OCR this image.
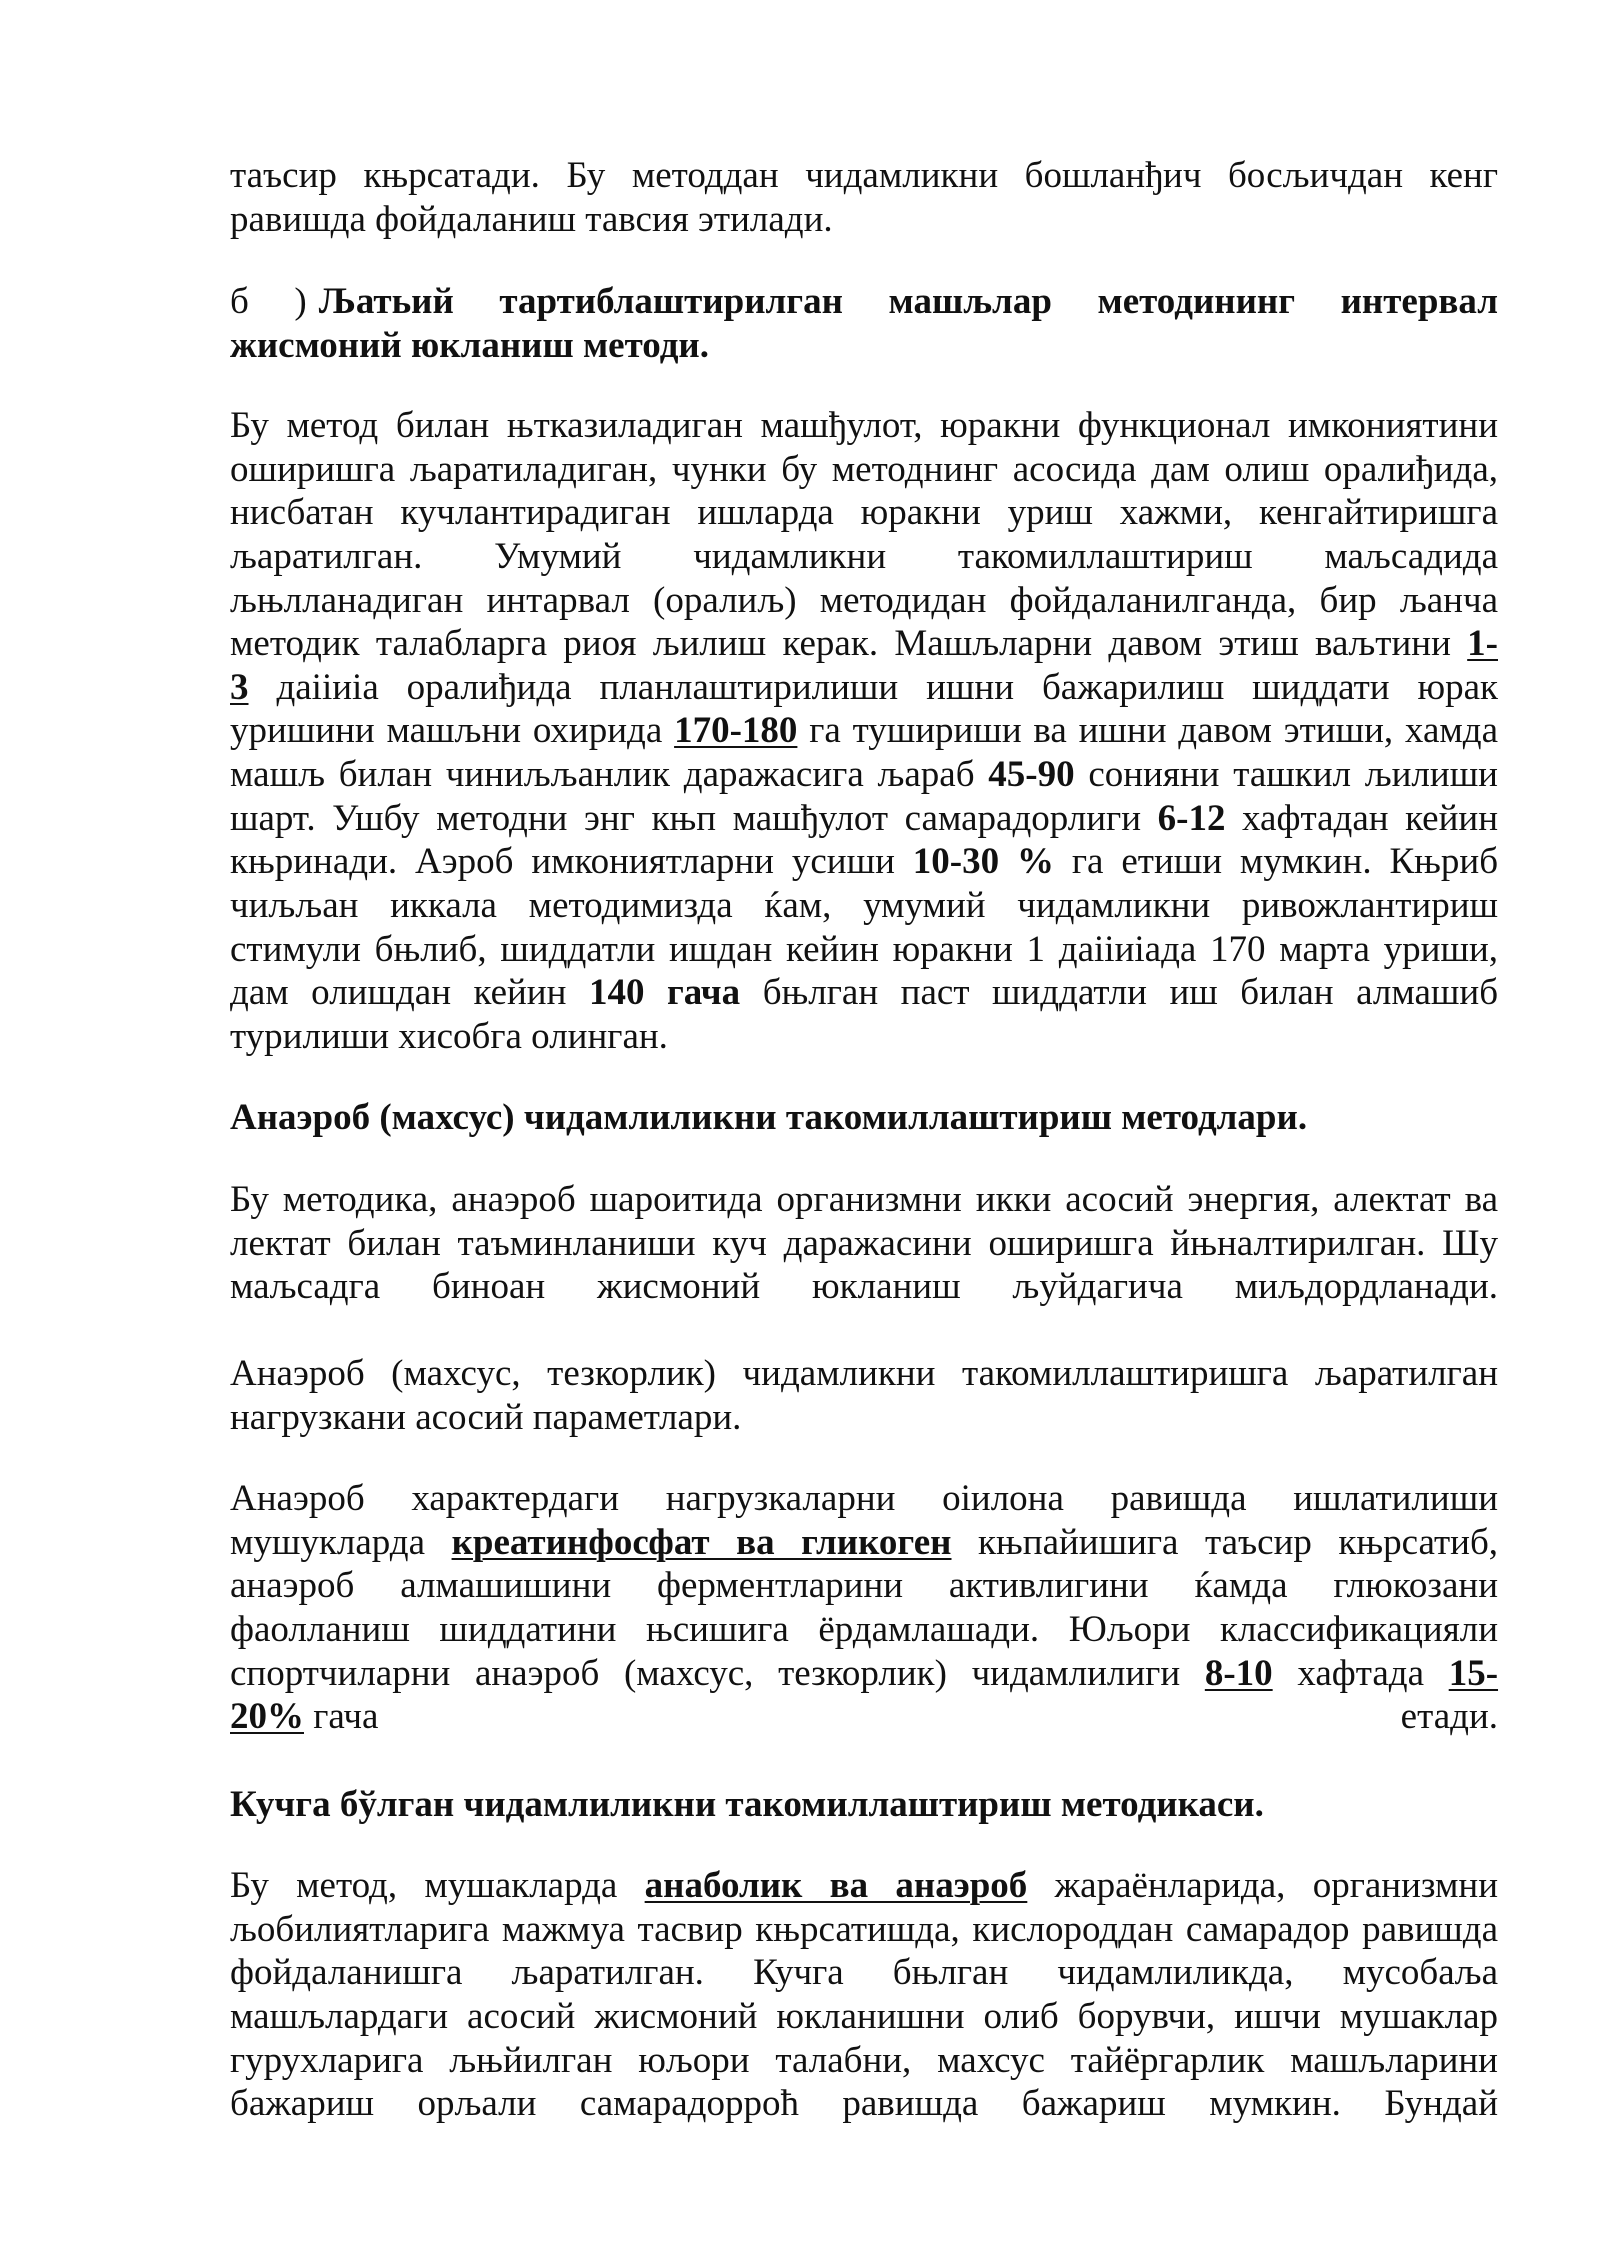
таъсир књрсатади. Бу методдан чидамликни бошланђич босљичдан кенг
равишда фойдаланиш тавсия этилади.
б ) Љатьий тартиблаштирилган машљлар методининг интервал
жисмоний юкланиш методи.
Бу метод билан њтказиладиган машђулот, юракни функционал имкониятини
оширишга љаратиладиган, чунки бу методнинг асосида дам олиш оралиђида,
нисбатан кучлантирадиган ишларда юракни уриш хажми, кенгайтиришга
љаратилган. Умумий чидамликни такомиллаштириш маљсадида
љњлланадиган интарвал (оралиљ) методидан фойдаланилганда, бир љанча
методик талабларга риоя љилиш керак. Машљларни давом этиш ваљтини 1-
3 даiiиiа оралиђида планлаштирилиши ишни бажарилиш шиддати юрак
уришини машљни охирида 170-180 га тушириши ва ишни давом этиши, хамда
машљ билан чиниљљанлик даражасига љараб 45-90 сонияни ташкил љилиши
шарт. Ушбу методни энг књп машђулот самарадорлиги 6-12 хафтадан кейин
књринади. Аэроб имкониятларни усиши 10-30 % га етиши мумкин. Књриб
чиљљан иккала методимизда ќам, умумий чидамликни ривожлантириш
стимули бњлиб, шиддатли ишдан кейин юракни 1 даiiиiада 170 марта уриши,
дам олишдан кейин 140 гача бњлган паст шиддатли иш билан алмашиб
турилиши хисобга олинган.
Анаэроб (махсус) чидамлиликни такомиллаштириш методлари.
Бу методика, анаэроб шароитида организмни икки асосий энергия, алектат ва
лектат билан таъминланиши куч даражасини оширишга йњналтирилган. Шу
маљсадга биноан жисмоний юкланиш љуйдагича миљдордланади.
Анаэроб (махсус, тезкорлик) чидамликни такомиллаштиришга љаратилган
нагрузкани асосий параметлари.
Анаэроб характердаги нагрузкаларни оiилона равишда ишлатилиши
мушукларда креатинфосфат ва гликоген књпайишига таъсир књрсатиб,
анаэроб алмашишини ферментларини активлигини ќамда глюкозани
фаолланиш шиддатини њсишига ёрдамлашади. Юљори классификацияли
спортчиларни анаэроб (махсус, тезкорлик) чидамлилиги 8-10 хафтада 15-
20% гача	етади.
Кучга бўлган чидамлиликни такомиллаштириш методикаси.
Бу метод, мушакларда анаболик ва анаэроб жараёнларида, организмни
љобилиятларига мажмуа тасвир књрсатишда, кислороддан самарадор равишда
фойдаланишга љаратилган. Кучга бњлган чидамлиликда, мусобаља
машљлардаги асосий жисмоний юкланишни олиб борувчи, ишчи мушаклар
гурухларига љњйилган юљори талабни, махсус тайёргарлик машљларини
бажариш орљали самарадорроћ равишда бажариш мумкин. Бундай
